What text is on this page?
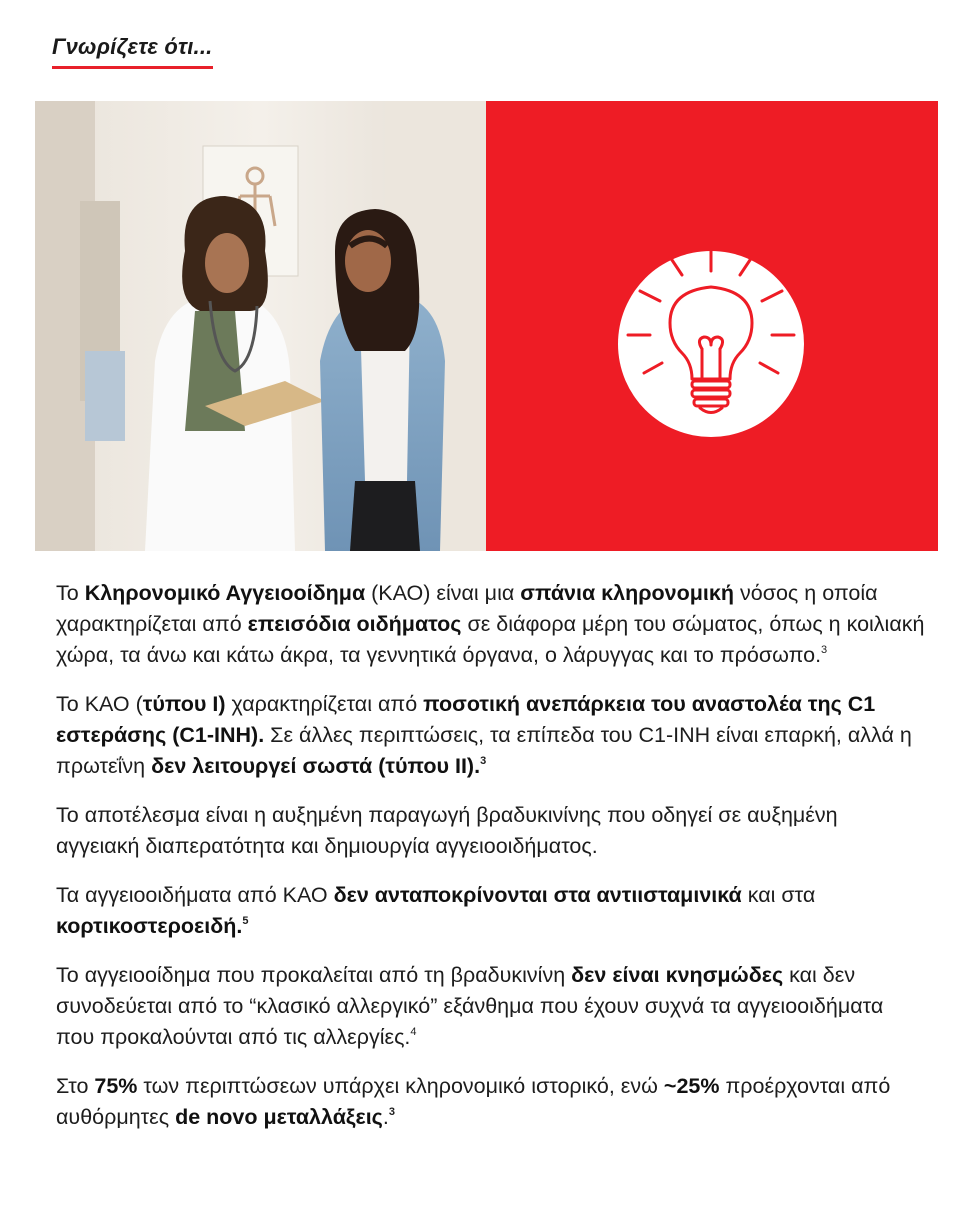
Γνωρίζετε ότι...

Το Κληρονομικό Αγγειοοίδημα (ΚΑΟ) είναι μια σπάνια κληρονομική νόσος η οποία χαρακτηρίζεται από επεισόδια οιδήματος σε διάφορα μέρη του σώματος, όπως η κοιλιακή χώρα, τα άνω και κάτω άκρα, τα γεννητικά όργανα, ο λάρυγγας και το πρόσωπο.$^3$

Το ΚΑΟ (τύπου I) χαρακτηρίζεται από ποσοτική ανεπάρκεια του αναστολέα της C1 εστεράσης (C1-INH). Σε άλλες περιπτώσεις, τα επίπεδα του C1-INH είναι επαρκή, αλλά η πρωτεΐνη δεν λειτουργεί σωστά (τύπου II).$^3$

Το αποτέλεσμα είναι η αυξημένη παραγωγή βραδυκινίνης που οδηγεί σε αυξημένη αγγειακή διαπερατότητα και δημιουργία αγγειοοιδήματος.

Τα αγγειοοιδήματα από ΚΑΟ δεν ανταποκρίνονται στα αντιισταμινικά και στα κορτικοστεροειδή.$^5$

Το αγγειοοίδημα που προκαλείται από τη βραδυκινίνη δεν είναι κνησμώδες και δεν συνοδεύεται από το “κλασικό αλλεργικό” εξάνθημα που έχουν συχνά τα αγγειοοιδήματα που προκαλούνται από τις αλλεργίες.$^4$

Στο 75% των περιπτώσεων υπάρχει κληρονομικό ιστορικό, ενώ ~25% προέρχονται από αυθόρμητες de novo μεταλλάξεις.$^3$
